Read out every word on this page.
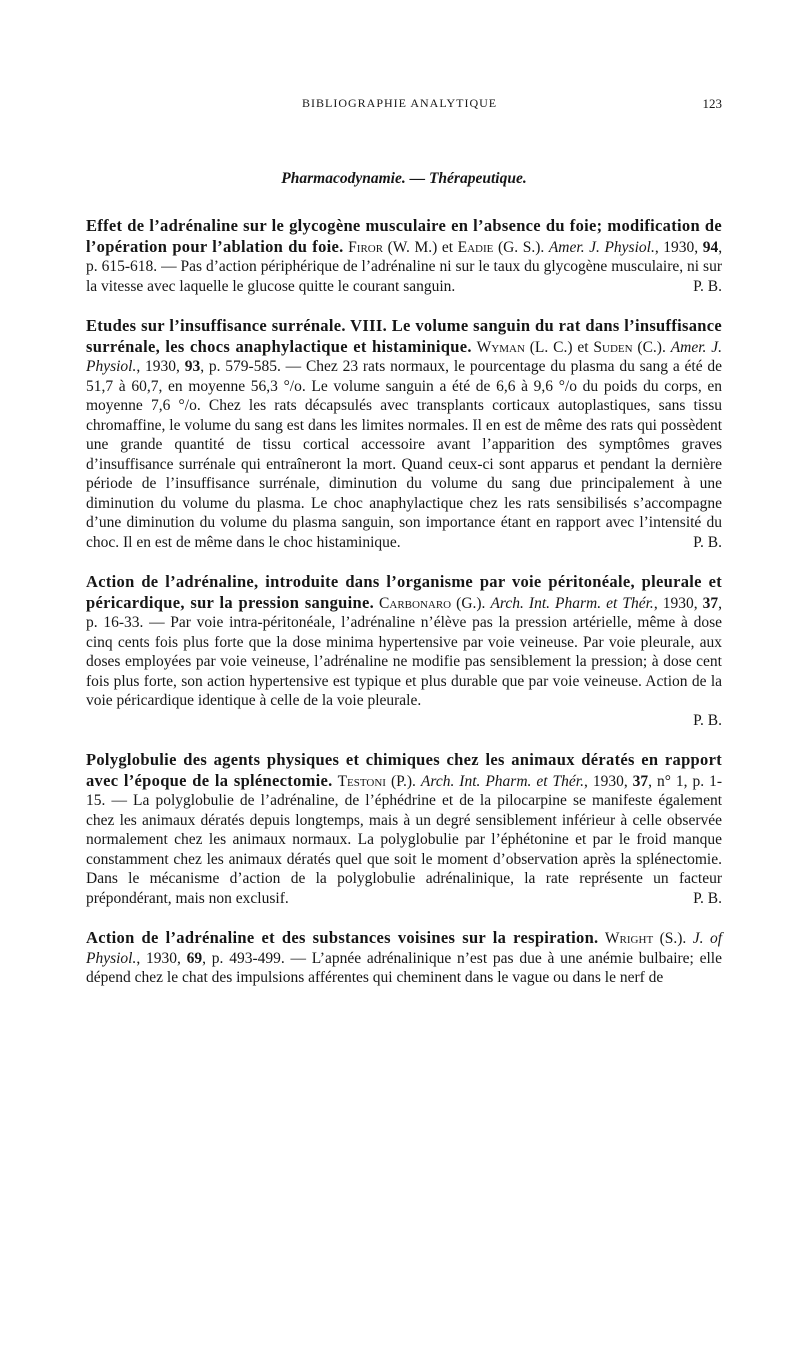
BIBLIOGRAPHIE ANALYTIQUE	123
Pharmacodynamie. — Thérapeutique.

Effet de l’adrénaline sur le glycogène musculaire en l’absence du foie; modification de l’opération pour l’ablation du foie. Firor (W. M.) et Eadie (G. S.). Amer. J. Physiol., 1930, 94, p. 615-618. — Pas d’action périphérique de l’adrénaline ni sur le taux du glycogène musculaire, ni sur la vitesse avec laquelle le glucose quitte le courant sanguin.	P. B.

Etudes sur l’insuffisance surrénale. VIII. Le volume sanguin du rat dans l’insuffisance surrénale, les chocs anaphylactique et histaminique. Wyman (L. C.) et Suden (C.). Amer. J. Physiol., 1930, 93, p. 579-585. — Chez 23 rats normaux, le pourcentage du plasma du sang a été de 51,7 à 60,7, en moyenne 56,3 °/o. Le volume sanguin a été de 6,6 à 9,6 °/o du poids du corps, en moyenne 7,6 °/o. Chez les rats décapsulés avec transplants corticaux autoplastiques, sans tissu chromaffine, le volume du sang est dans les limites normales. Il en est de même des rats qui possèdent une grande quantité de tissu cortical accessoire avant l’apparition des symptômes graves d’insuffisance surrénale qui entraîneront la mort. Quand ceux-ci sont apparus et pendant la dernière période de l’insuffisance surrénale, diminution du volume du sang due principalement à une diminution du volume du plasma. Le choc anaphylactique chez les rats sensibilisés s’accompagne d’une diminution du volume du plasma sanguin, son importance étant en rapport avec l’intensité du choc. Il en est de même dans le choc histaminique.	P. B.

Action de l’adrénaline, introduite dans l’organisme par voie péritonéale, pleurale et péricardique, sur la pression sanguine. Carbonaro (G.). Arch. Int. Pharm. et Thér., 1930, 37, p. 16-33. — Par voie intra-péritonéale, l’adrénaline n’élève pas la pression artérielle, même à dose cinq cents fois plus forte que la dose minima hypertensive par voie veineuse. Par voie pleurale, aux doses employées par voie veineuse, l’adrénaline ne modifie pas sensiblement la pression; à dose cent fois plus forte, son action hypertensive est typique et plus durable que par voie veineuse. Action de la voie péricardique identique à celle de la voie pleurale.
P. B.

Polyglobulie des agents physiques et chimiques chez les animaux dératés en rapport avec l’époque de la splénectomie. Testoni (P.). Arch. Int. Pharm. et Thér., 1930, 37, n° 1, p. 1-15. — La polyglobulie de l’adrénaline, de l’éphédrine et de la pilocarpine se manifeste également chez les animaux dératés depuis longtemps, mais à un degré sensiblement inférieur à celle observée normalement chez les animaux normaux. La polyglobulie par l’éphétonine et par le froid manque constamment chez les animaux dératés quel que soit le moment d’observation après la splénectomie. Dans le mécanisme d’action de la polyglobulie adrénalinique, la rate représente un facteur prépondérant, mais non exclusif.	P. B.

Action de l’adrénaline et des substances voisines sur la respiration. Wright (S.). J. of Physiol., 1930, 69, p. 493-499. — L’apnée adrénalinique n’est pas due à une anémie bulbaire; elle dépend chez le chat des impulsions afférentes qui cheminent dans le vague ou dans le nerf de
